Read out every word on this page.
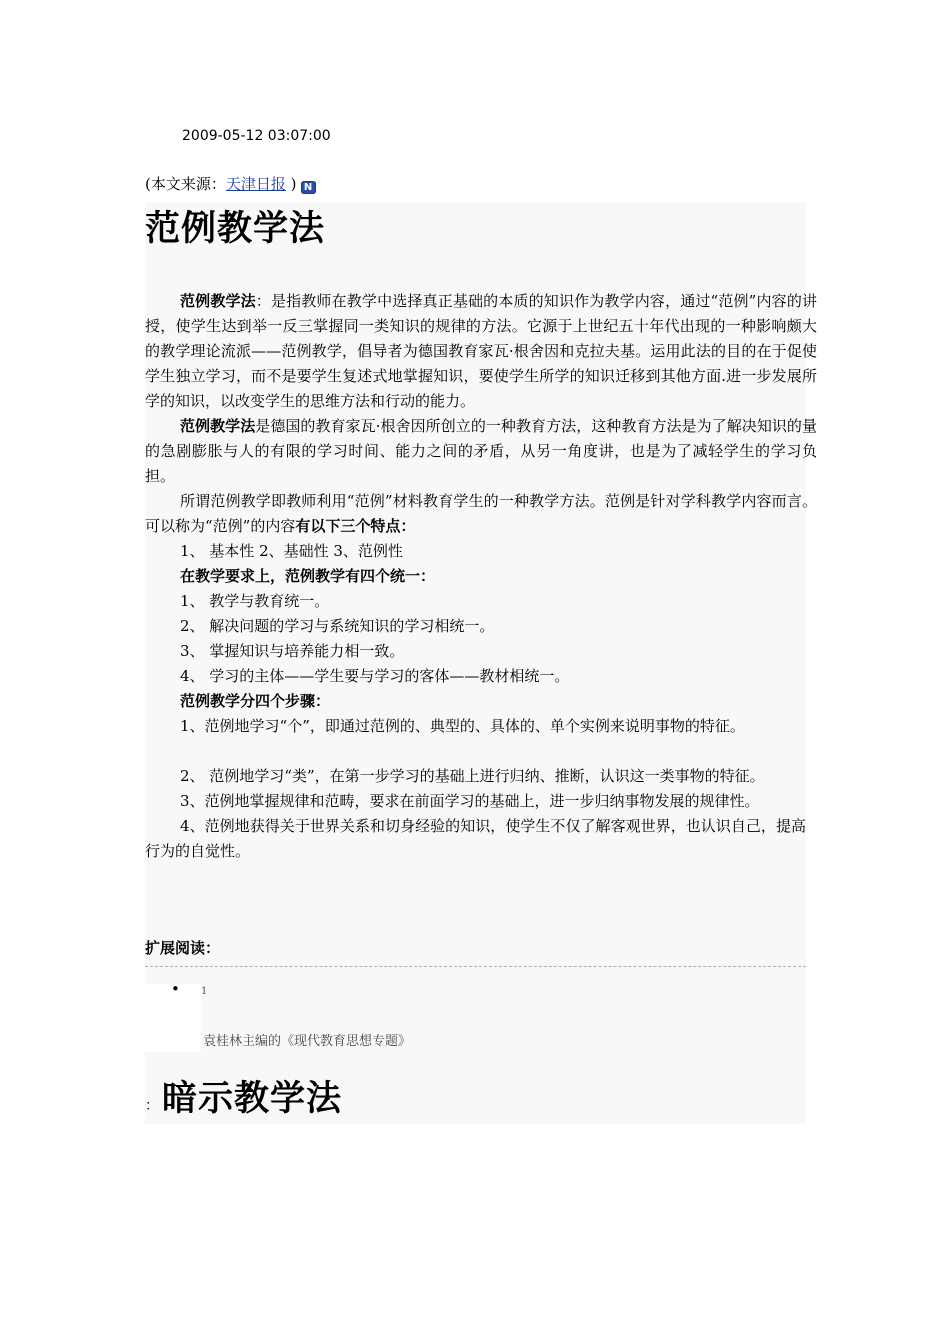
2009-05-12 03:07:00
(本文来源：天津日报 ) N
范例教学法

范例教学法：是指教师在教学中选择真正基础的本质的知识作为教学内容，通过“范例”内容的讲授，使学生达到举一反三掌握同一类知识的规律的方法。它源于上世纪五十年代出现的一种影响颇大的教学理论流派——范例教学，倡导者为德国教育家瓦·根舍因和克拉夫基。运用此法的目的在于促使学生独立学习，而不是要学生复述式地掌握知识，要使学生所学的知识迁移到其他方面.进一步发展所学的知识，以改变学生的思维方法和行动的能力。

范例教学法是德国的教育家瓦·根舍因所创立的一种教育方法，这种教育方法是为了解决知识的量的急剧膨胀与人的有限的学习时间、能力之间的矛盾，从另一角度讲，也是为了减轻学生的学习负担。

所谓范例教学即教师利用“范例”材料教育学生的一种教学方法。范例是针对学科教学内容而言。可以称为“范例”的内容有以下三个特点：

1、 基本性 2、基础性 3、范例性

在教学要求上，范例教学有四个统一：

1、 教学与教育统一。

2、 解决问题的学习与系统知识的学习相统一。

3、 掌握知识与培养能力相一致。

4、 学习的主体——学生要与学习的客体——教材相统一。

范例教学分四个步骤：

1、范例地学习“个”，即通过范例的、典型的、具体的、单个实例来说明事物的特征。

2、 范例地学习“类”，在第一步学习的基础上进行归纳、推断，认识这一类事物的特征。

3、范例地掌握规律和范畴，要求在前面学习的基础上，进一步归纳事物发展的规律性。

4、范例地获得关于世界关系和切身经验的知识，使学生不仅了解客观世界，也认识自己，提高行为的自觉性。

扩展阅读：
• 1
袁桂林主编的《现代教育思想专题》
：暗示教学法
